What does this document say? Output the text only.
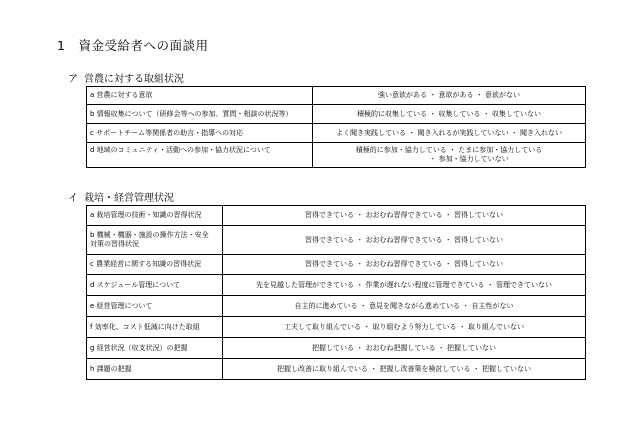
1　資金受給者への面談用
ア 営農に対する取組状況
a 営農に対する意欲	強い意欲がある ・ 意欲がある ・ 意欲がない

b 情報収集について（研修会等への参加、質問・相談の状況等）	積極的に収集している ・ 収集している ・ 収集していない

c サポートチーム等関係者の助言・指導への対応	よく聞き実践している ・ 聞き入れるが実践していない ・ 聞き入れない

d 地域のコミュニティ・活動への参加・協力状況について	積極的に参加・協力している ・ たまに参加・協力している
・ 参加・協力していない
イ 栽培・経営管理状況
a 栽培管理の技術・知識の習得状況	習得できている ・ おおむね習得できている ・ 習得していない

b 機械・機器・施設の操作方法・安全
対策の習得状況	習得できている ・ おおむね習得できている ・ 習得していない

c 農業経営に関する知識の習得状況	習得できている ・ おおむね習得できている ・ 習得していない

d スケジュール管理について	先を見越した管理ができている ・ 作業が遅れない程度に管理できている ・ 管理できていない

e 経営管理について	自主的に進めている ・ 意見を聞きながら進めている ・ 自主性がない

f 効率化、コスト低減に向けた取組	工夫して取り組んでいる ・ 取り組むよう努力している ・ 取り組んでいない

g 経営状況（収支状況）の把握	把握している ・ おおむね把握している ・ 把握していない

h 課題の把握	把握し改善に取り組んでいる ・ 把握し改善策を検討している ・ 把握していない
